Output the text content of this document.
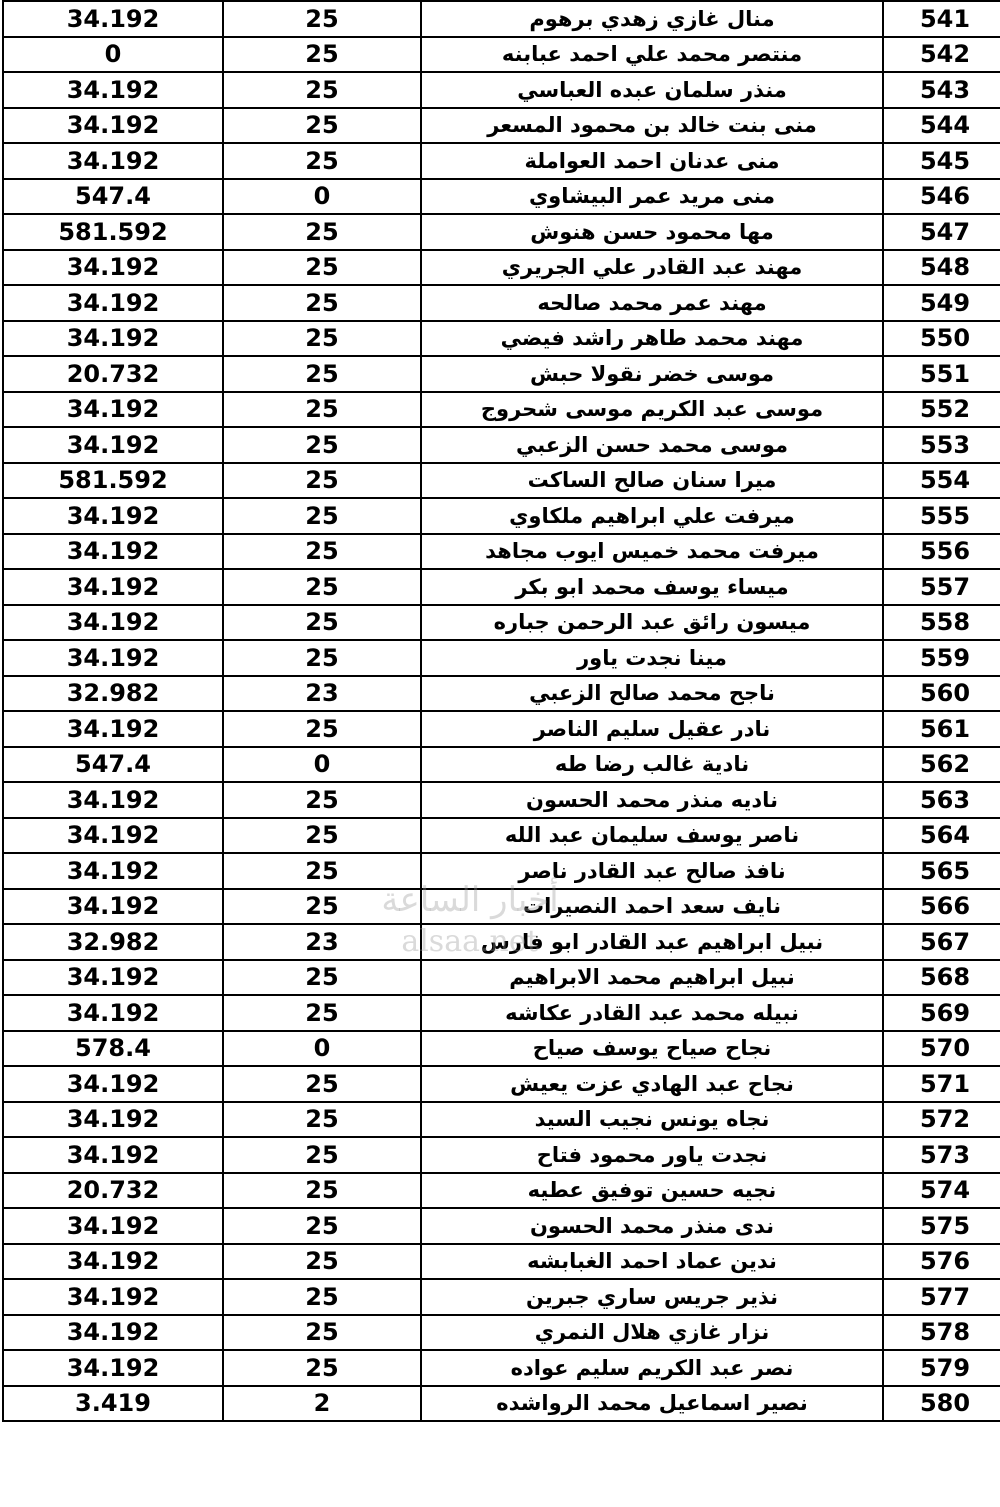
34.192	25	منال غازي زهدي برهوم	541
0	25	منتصر محمد علي احمد عبابنه	542
34.192	25	منذر سلمان عبده العباسي	543
34.192	25	منى بنت خالد بن محمود المسعر	544
34.192	25	منى عدنان احمد العواملة	545
547.4	0	منى مريد عمر البيشاوي	546
581.592	25	مها محمود حسن هنوش	547
34.192	25	مهند عبد القادر علي الجريري	548
34.192	25	مهند عمر محمد صالحه	549
34.192	25	مهند محمد طاهر راشد فيضي	550
20.732	25	موسى خضر نقولا حبش	551
34.192	25	موسى عبد الكريم موسى شحروج	552
34.192	25	موسى محمد حسن الزعبي	553
581.592	25	ميرا سنان صالح الساكت	554
34.192	25	ميرفت علي ابراهيم ملكاوي	555
34.192	25	ميرفت محمد خميس ايوب مجاهد	556
34.192	25	ميساء يوسف محمد ابو بكر	557
34.192	25	ميسون رائق عبد الرحمن جباره	558
34.192	25	مينا نجدت ياور	559
32.982	23	ناجح محمد صالح الزعبي	560
34.192	25	نادر عقيل سليم الناصر	561
547.4	0	نادية غالب رضا طه	562
34.192	25	ناديه منذر محمد الحسون	563
34.192	25	ناصر يوسف سليمان عبد الله	564
34.192	25	نافذ صالح عبد القادر ناصر	565
34.192	25	نايف سعد احمد النصيرات	566
32.982	23	نبيل ابراهيم عبد القادر ابو فارس	567
34.192	25	نبيل ابراهيم محمد الابراهيم	568
34.192	25	نبيله محمد عبد القادر عكاشه	569
578.4	0	نجاح صياح يوسف صياح	570
34.192	25	نجاح عبد الهادي عزت يعيش	571
34.192	25	نجاه يونس نجيب السيد	572
34.192	25	نجدت ياور محمود فتاح	573
20.732	25	نجيه حسين توفيق عطيه	574
34.192	25	ندى منذر محمد الحسون	575
34.192	25	ندين عماد احمد الغبابشه	576
34.192	25	نذير جريس ساري جبرين	577
34.192	25	نزار غازي هلال النمري	578
34.192	25	نصر عبد الكريم سليم عواده	579
3.419	2	نصير اسماعيل محمد الرواشده	580
أخبار الساعة
alsaa.net
